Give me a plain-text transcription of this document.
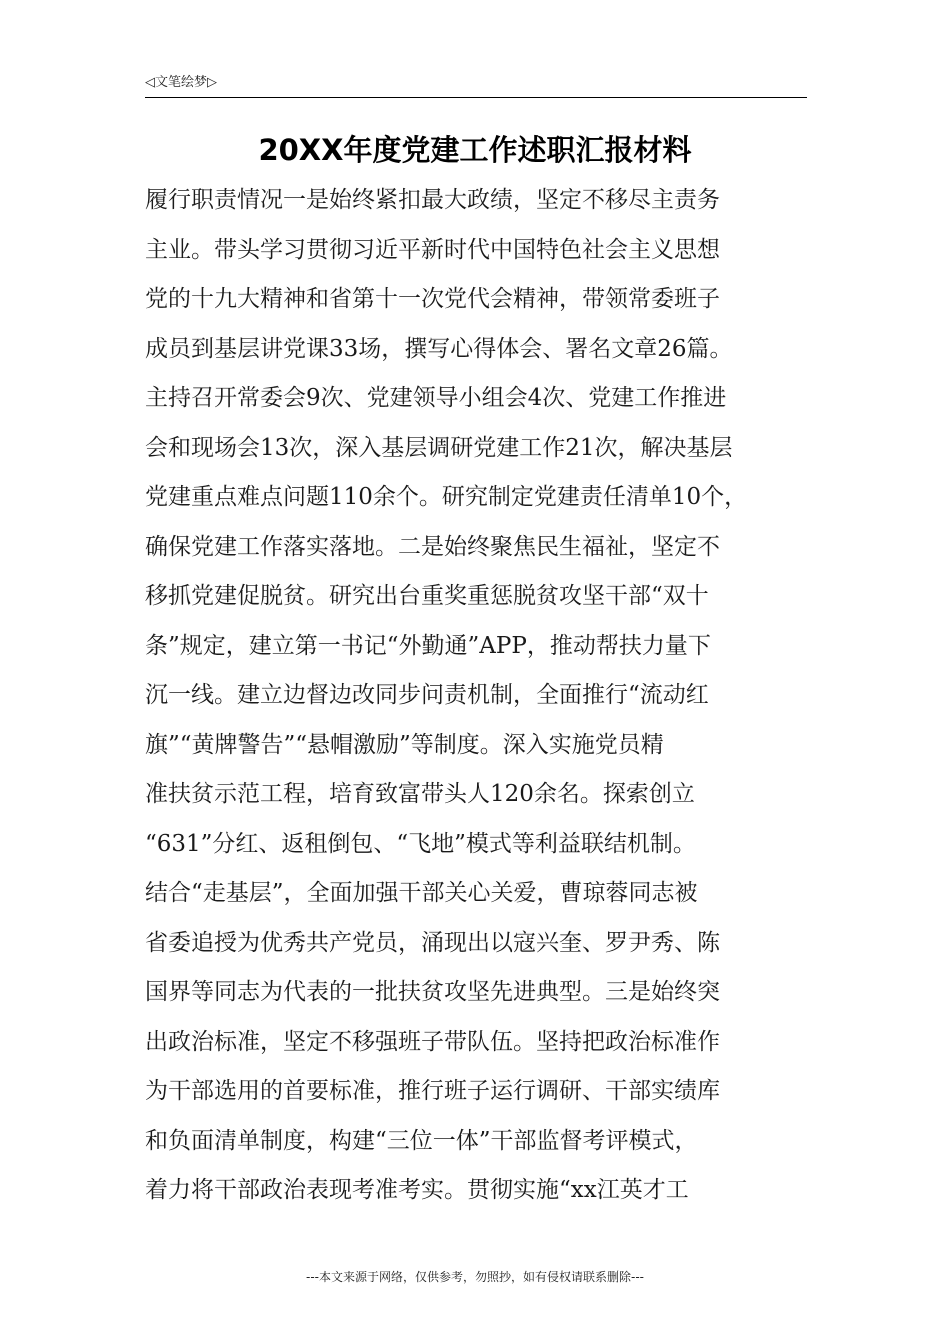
◁文笔绘梦▷
20XX年度党建工作述职汇报材料
履行职责情况一是始终紧扣最大政绩，坚定不移尽主责务
主业。带头学习贯彻习近平新时代中国特色社会主义思想
党的十九大精神和省第十一次党代会精神，带领常委班子
成员到基层讲党课33场，撰写心得体会、署名文章26篇。
主持召开常委会9次、党建领导小组会4次、党建工作推进
会和现场会13次，深入基层调研党建工作21次，解决基层
党建重点难点问题110余个。研究制定党建责任清单10个，
确保党建工作落实落地。二是始终聚焦民生福祉，坚定不
移抓党建促脱贫。研究出台重奖重惩脱贫攻坚干部“双十
条”规定，建立第一书记“外勤通”APP，推动帮扶力量下
沉一线。建立边督边改同步问责机制，全面推行“流动红
旗”“黄牌警告”“悬帽激励”等制度。深入实施党员精
准扶贫示范工程，培育致富带头人120余名。探索创立
“631”分红、返租倒包、“飞地”模式等利益联结机制。
结合“走基层”，全面加强干部关心关爱，曹琼蓉同志被
省委追授为优秀共产党员，涌现出以寇兴奎、罗尹秀、陈
国界等同志为代表的一批扶贫攻坚先进典型。三是始终突
出政治标准，坚定不移强班子带队伍。坚持把政治标准作
为干部选用的首要标准，推行班子运行调研、干部实绩库
和负面清单制度，构建“三位一体”干部监督考评模式，
着力将干部政治表现考准考实。贯彻实施“xx江英才工
---本文来源于网络，仅供参考，勿照抄，如有侵权请联系删除---
